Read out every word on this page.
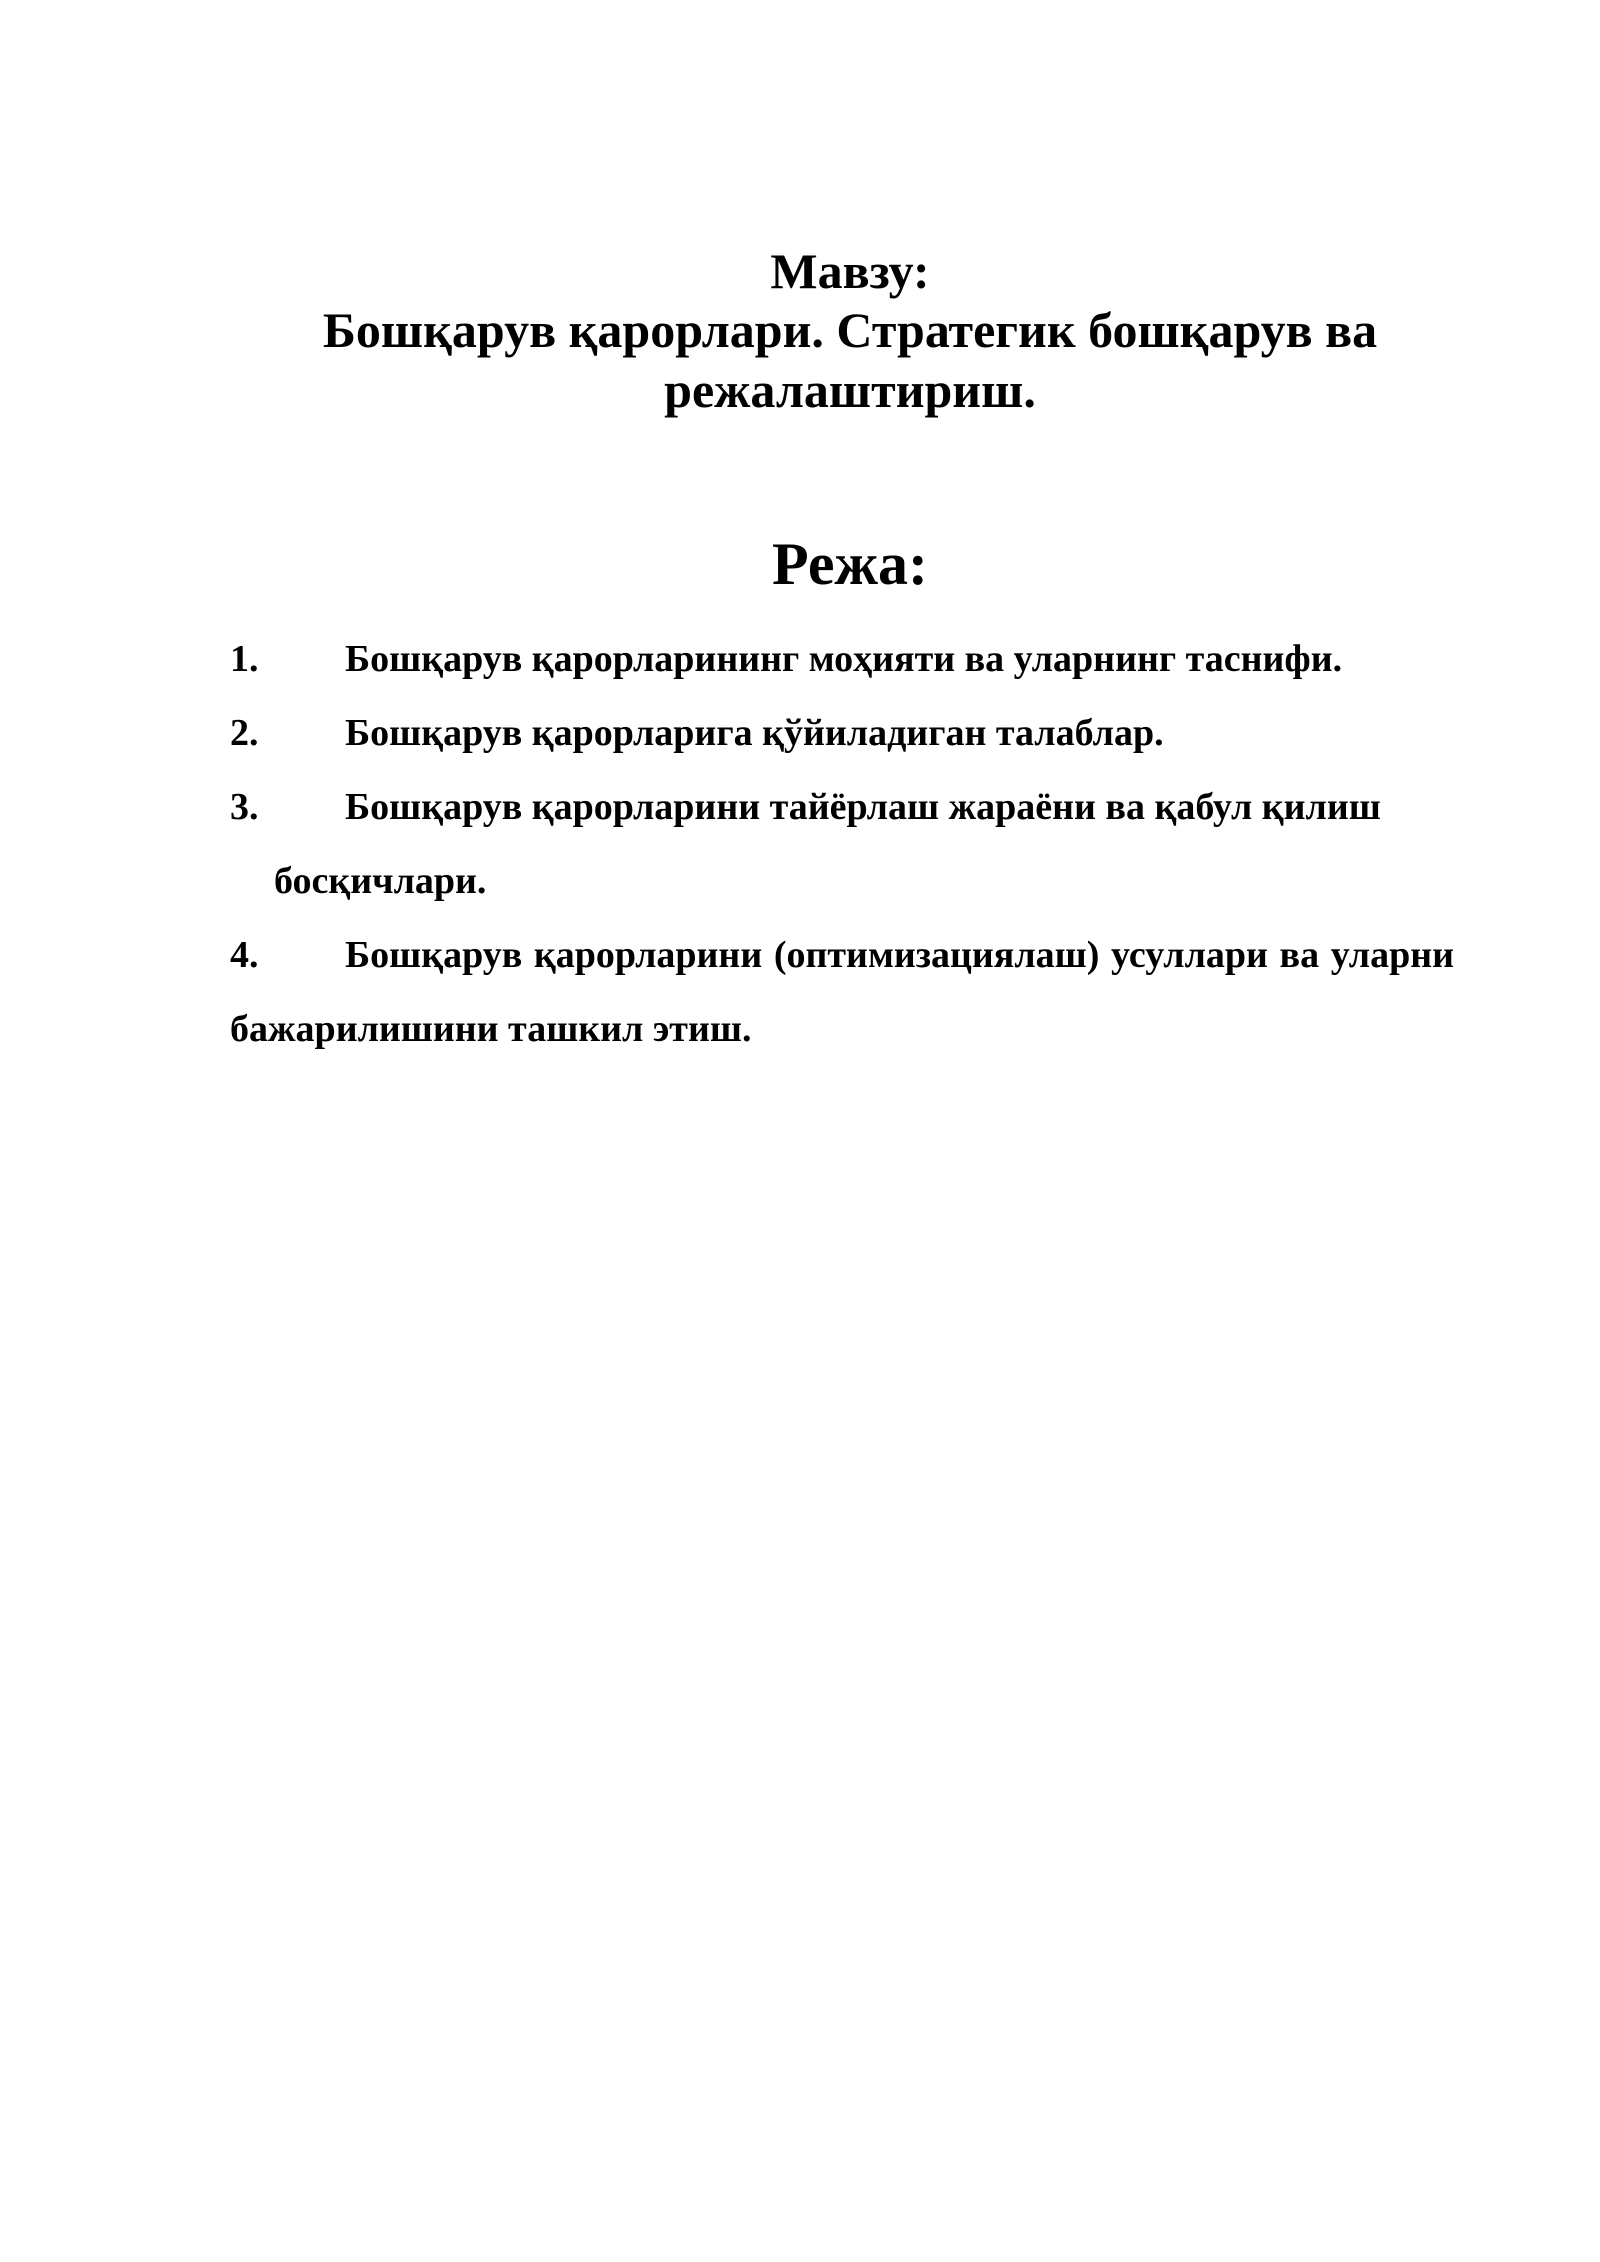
Мавзу:
Бошқарув қарорлари. Стратегик бошқарув ва режалаштириш.
Режа:
1. Бошқарув қарорларининг моҳияти ва уларнинг таснифи.
2. Бошқарув қарорларига қўйиладиган талаблар.
3. Бошқарув қарорларини тайёрлаш жараёни ва қабул қилиш
босқичлари.
4. Бошқарув қарорларини (оптимизациялаш) усуллари ва уларни бажарилишини ташкил этиш.
